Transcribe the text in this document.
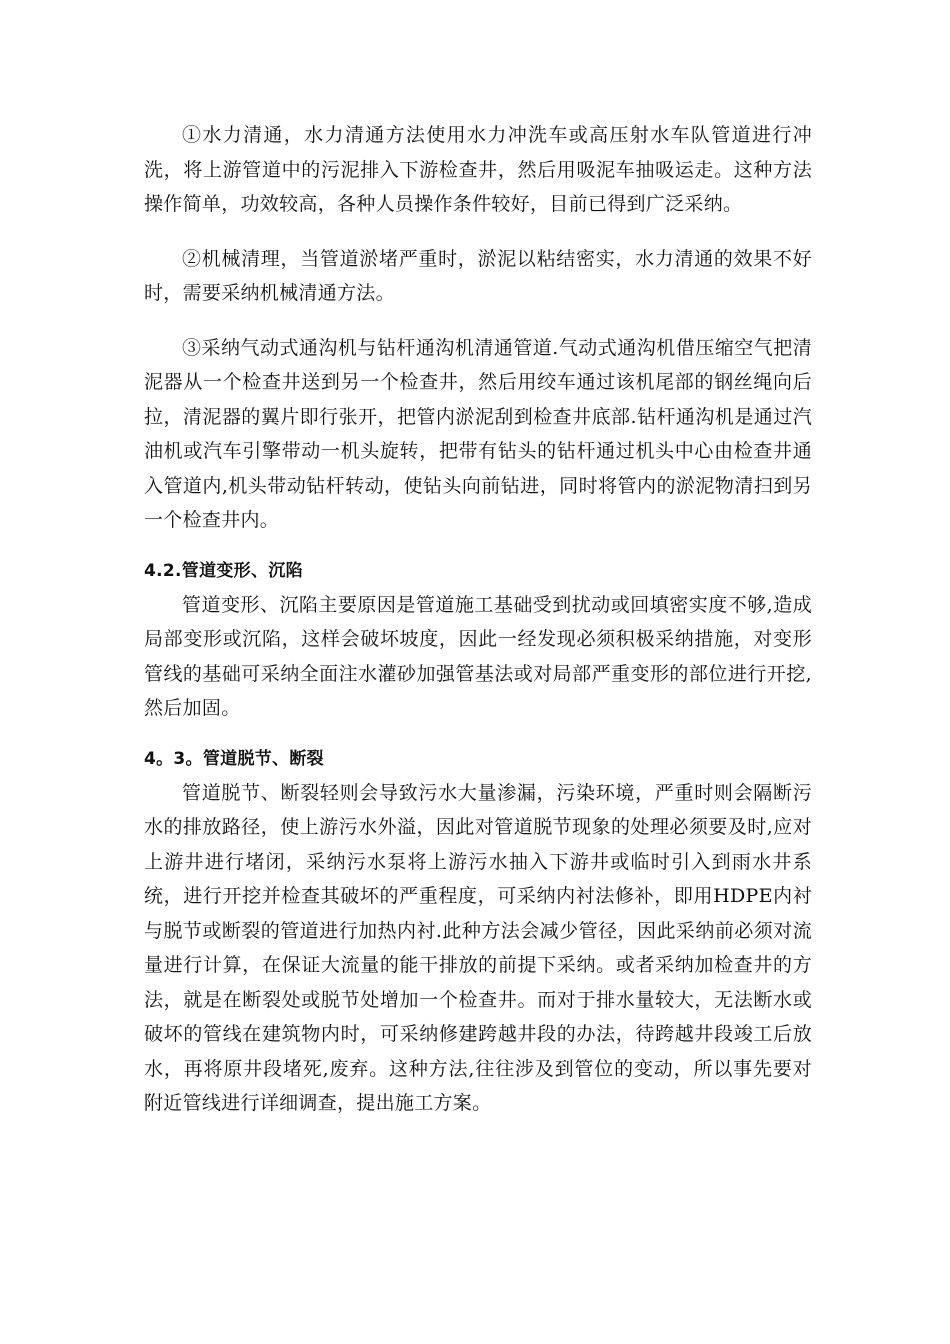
①水力清通，水力清通方法使用水力冲洗车或高压射水车队管道进行冲洗，将上游管道中的污泥排入下游检查井，然后用吸泥车抽吸运走。这种方法操作简单，功效较高，各种人员操作条件较好，目前已得到广泛采纳。

②机械清理，当管道淤堵严重时，淤泥以粘结密实，水力清通的效果不好时，需要采纳机械清通方法。

③采纳气动式通沟机与钻杆通沟机清通管道.气动式通沟机借压缩空气把清泥器从一个检查井送到另一个检查井，然后用绞车通过该机尾部的钢丝绳向后拉，清泥器的翼片即行张开，把管内淤泥刮到检查井底部.钻杆通沟机是通过汽油机或汽车引擎带动一机头旋转，把带有钻头的钻杆通过机头中心由检查井通入管道内,机头带动钻杆转动，使钻头向前钻进，同时将管内的淤泥物清扫到另一个检查井内。

4.2.管道变形、沉陷

管道变形、沉陷主要原因是管道施工基础受到扰动或回填密实度不够,造成局部变形或沉陷，这样会破坏坡度，因此一经发现必须积极采纳措施，对变形管线的基础可采纳全面注水灌砂加强管基法或对局部严重变形的部位进行开挖,然后加固。

4。3。管道脱节、断裂

管道脱节、断裂轻则会导致污水大量渗漏，污染环境，严重时则会隔断污水的排放路径，使上游污水外溢，因此对管道脱节现象的处理必须要及时,应对上游井进行堵闭，采纳污水泵将上游污水抽入下游井或临时引入到雨水井系统，进行开挖并检查其破坏的严重程度，可采纳内衬法修补，即用HDPE内衬与脱节或断裂的管道进行加热内衬.此种方法会减少管径，因此采纳前必须对流量进行计算，在保证大流量的能干排放的前提下采纳。或者采纳加检查井的方法，就是在断裂处或脱节处增加一个检查井。而对于排水量较大，无法断水或破坏的管线在建筑物内时，可采纳修建跨越井段的办法，待跨越井段竣工后放水，再将原井段堵死,废弃。这种方法,往往涉及到管位的变动，所以事先要对附近管线进行详细调查，提出施工方案。
